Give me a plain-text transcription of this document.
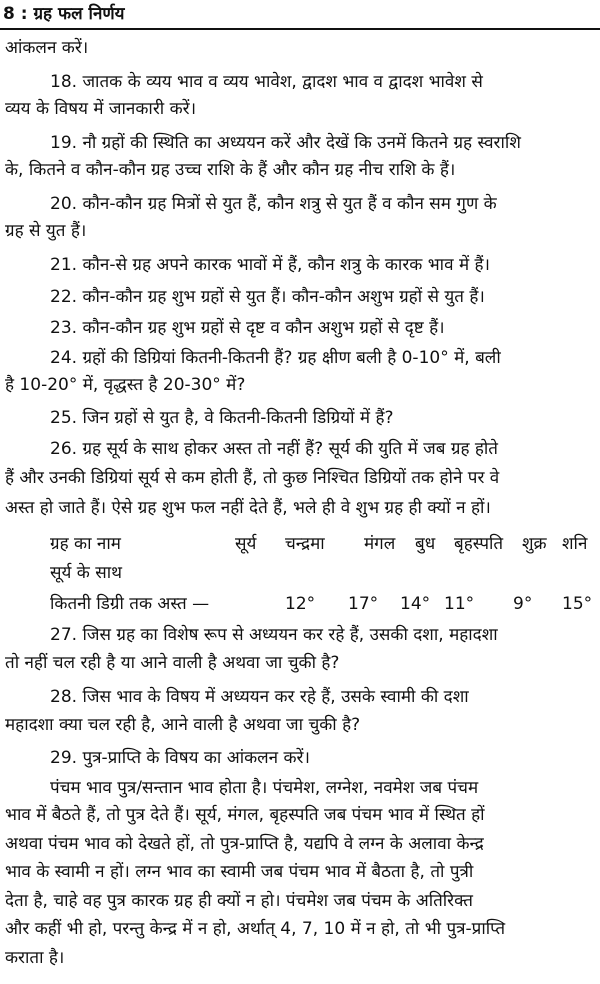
8 : ग्रह फल निर्णय
आंकलन करें।
18. जातक के व्यय भाव व व्यय भावेश, द्वादश भाव व द्वादश भावेश से
व्यय के विषय में जानकारी करें।
19. नौ ग्रहों की स्थिति का अध्ययन करें और देखें कि उनमें कितने ग्रह स्वराशि
के, कितने व कौन-कौन ग्रह उच्च राशि के हैं और कौन ग्रह नीच राशि के हैं।
20. कौन-कौन ग्रह मित्रों से युत हैं, कौन शत्रु से युत हैं व कौन सम गुण के
ग्रह से युत हैं।
21. कौन-से ग्रह अपने कारक भावों में हैं, कौन शत्रु के कारक भाव में हैं।
22. कौन-कौन ग्रह शुभ ग्रहों से युत हैं। कौन-कौन अशुभ ग्रहों से युत हैं।
23. कौन-कौन ग्रह शुभ ग्रहों से दृष्ट व कौन अशुभ ग्रहों से दृष्ट हैं।
24. ग्रहों की डिग्रियां कितनी-कितनी हैं? ग्रह क्षीण बली है 0-10° में, बली
है 10-20° में, वृद्धस्त है 20-30° में?
25. जिन ग्रहों से युत है, वे कितनी-कितनी डिग्रियों में हैं?
26. ग्रह सूर्य के साथ होकर अस्त तो नहीं हैं? सूर्य की युति में जब ग्रह होते
हैं और उनकी डिग्रियां सूर्य से कम होती हैं, तो कुछ निश्चित डिग्रियों तक होने पर वे
अस्त हो जाते हैं। ऐसे ग्रह शुभ फल नहीं देते हैं, भले ही वे शुभ ग्रह ही क्यों न हों।
ग्रह का नाम	सूर्य चन्द्रमा मंगल बुध बृहस्पति शुक्र शनि
सूर्य के साथ
कितनी डिग्री तक अस्त —	12° 17° 14° 11° 9° 15°
27. जिस ग्रह का विशेष रूप से अध्ययन कर रहे हैं, उसकी दशा, महादशा
तो नहीं चल रही है या आने वाली है अथवा जा चुकी है?
28. जिस भाव के विषय में अध्ययन कर रहे हैं, उसके स्वामी की दशा
महादशा क्या चल रही है, आने वाली है अथवा जा चुकी है?
29. पुत्र-प्राप्ति के विषय का आंकलन करें।
पंचम भाव पुत्र/सन्तान भाव होता है। पंचमेश, लग्नेश, नवमेश जब पंचम
भाव में बैठते हैं, तो पुत्र देते हैं। सूर्य, मंगल, बृहस्पति जब पंचम भाव में स्थित हों
अथवा पंचम भाव को देखते हों, तो पुत्र-प्राप्ति है, यद्यपि वे लग्न के अलावा केन्द्र
भाव के स्वामी न हों। लग्न भाव का स्वामी जब पंचम भाव में बैठता है, तो पुत्री
देता है, चाहे वह पुत्र कारक ग्रह ही क्यों न हो। पंचमेश जब पंचम के अतिरिक्त
और कहीं भी हो, परन्तु केन्द्र में न हो, अर्थात् 4, 7, 10 में न हो, तो भी पुत्र-प्राप्ति
कराता है।
